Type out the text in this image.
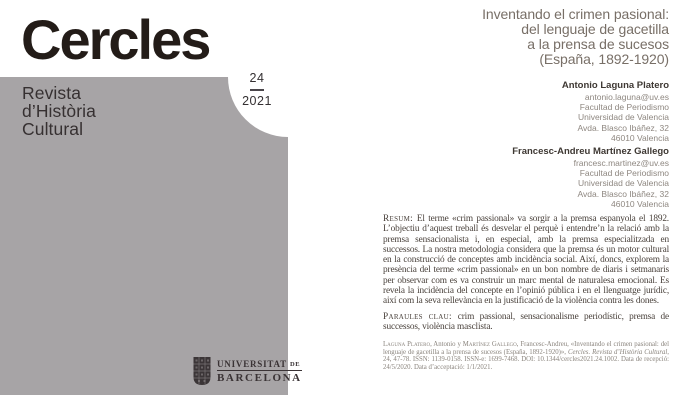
Cercles
Revista
d’Història
Cultural
24
2021
UNIVERSITAT DE
BARCELONA
Inventando el crimen pasional:
del lenguaje de gacetilla
a la prensa de sucesos
(España, 1892-1920)
Antonio Laguna Platero
antonio.laguna@uv.es
Facultad de Periodismo
Universidad de Valencia
Avda. Blasco Ibáñez, 32
46010 Valencia
Francesc-Andreu Martínez Gallego
francesc.martinez@uv.es
Facultad de Periodismo
Universidad de Valencia
Avda. Blasco Ibáñez, 32
46010 Valencia

Resum: El terme «crim passional» va sorgir a la premsa espanyola el 1892. L’objectiu d’aquest treball és desvelar el perquè i entendre’n la relació amb la premsa sensacionalista i, en especial, amb la premsa especialitzada en successos. La nostra metodologia considera que la premsa és un motor cultural en la construcció de conceptes amb incidència social. Així, doncs, explorem la presència del terme «crim passional» en un bon nombre de diaris i setmanaris per observar com es va construir un marc mental de naturalesa emocional. Es revela la incidència del concepte en l’opinió pública i en el llenguatge jurídic, així com la seva rellevància en la justificació de la violència contra les dones.

Paraules clau: crim passional, sensacionalisme periodístic, premsa de successos, violència masclista.

Laguna Platero, Antonio y Martínez Gallego, Francesc-Andreu, «Inventando el crimen pasional: del lenguaje de gacetilla a la prensa de sucesos (España, 1892-1920)», Cercles. Revista d’Història Cultural, 24, 47-78. ISSN: 1139-0158. ISSN-e: 1699-7468. DOI: 10.1344/cercles2021.24.1002. Data de recepció: 24/5/2020. Data d’acceptació: 1/1/2021.
